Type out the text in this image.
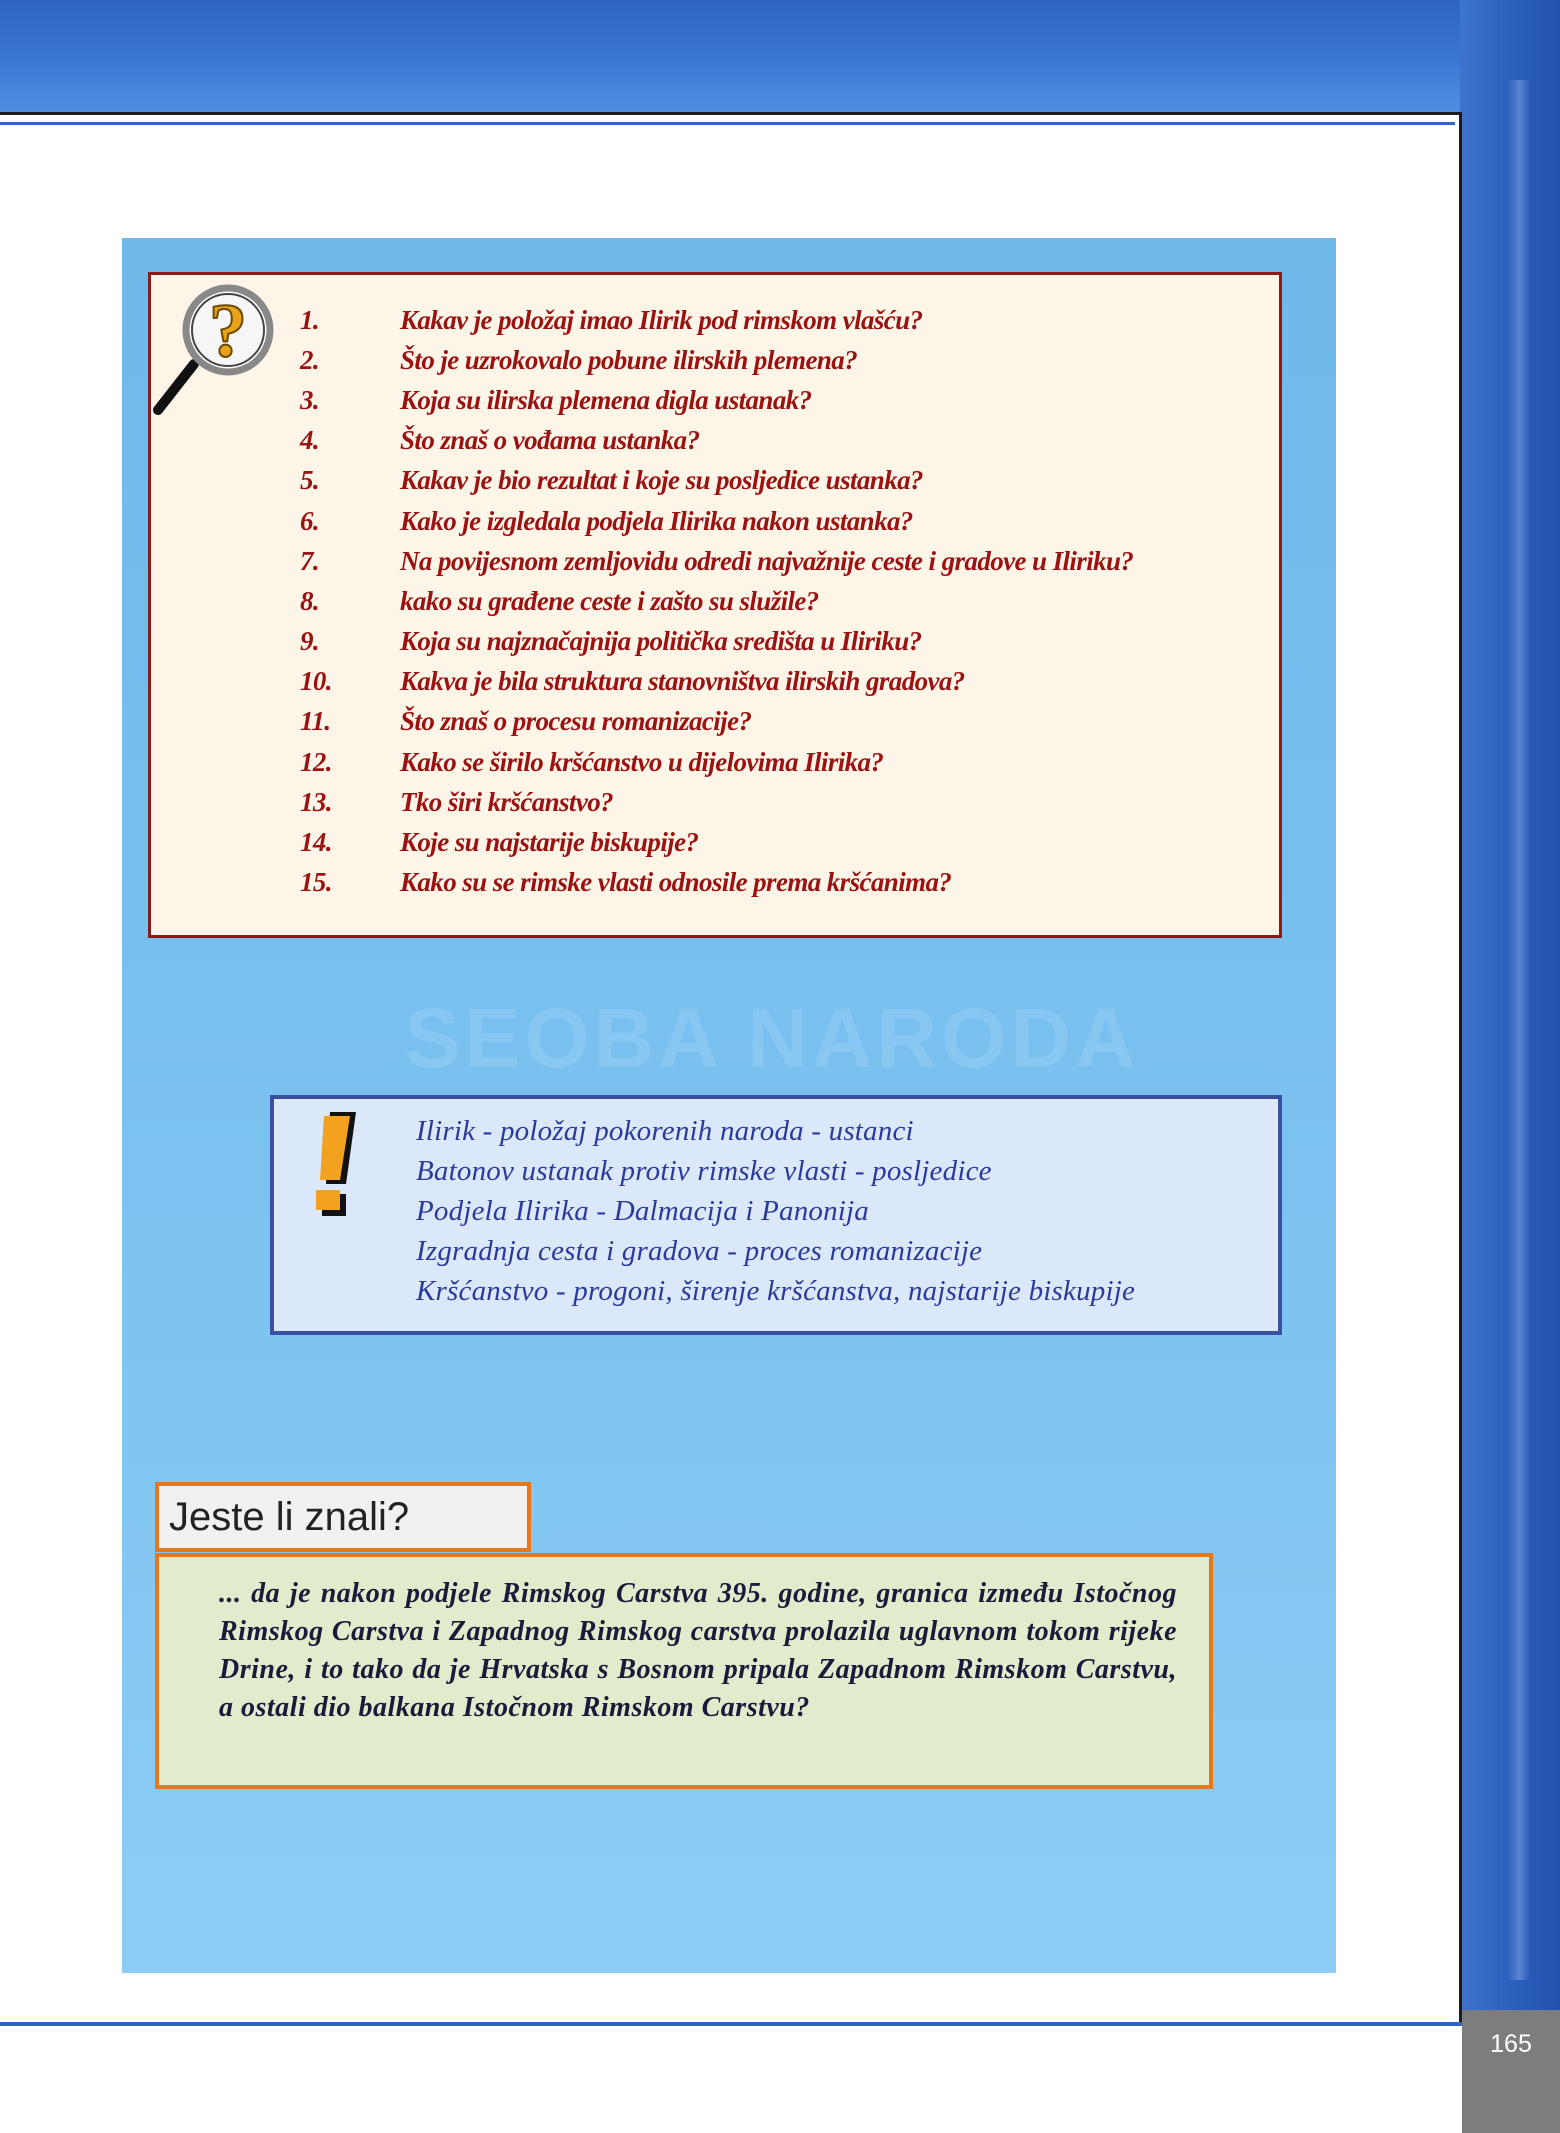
SEOBA NARODA
? 1.	Kakav je položaj imao Ilirik pod rimskom vlašću?
2.	Što je uzrokovalo pobune ilirskih plemena?
3.	Koja su ilirska plemena digla ustanak?
4.	Što znaš o vođama ustanka?
5.	Kakav je bio rezultat i koje su posljedice ustanka?
6.	Kako je izgledala podjela Ilirika nakon ustanka?
7.	Na povijesnom zemljovidu odredi najvažnije ceste i gradove u Iliriku?
8.	kako su građene ceste i zašto su služile?
9.	Koja su najznačajnija politička središta u Iliriku?
10.	Kakva je bila struktura stanovništva ilirskih gradova?
11.	Što znaš o procesu romanizacije?
12.	Kako se širilo kršćanstvo u dijelovima Ilirika?
13.	Tko širi kršćanstvo?
14.	Koje su najstarije biskupije?
15.	Kako su se rimske vlasti odnosile prema kršćanima?
Ilirik - položaj pokorenih naroda - ustanci
Batonov ustanak protiv rimske vlasti - posljedice
Podjela Ilirika - Dalmacija i Panonija
Izgradnja cesta i gradova - proces romanizacije
Kršćanstvo - progoni, širenje kršćanstva, najstarije biskupije
Jeste li znali?

... da je nakon podjele Rimskog Carstva 395. godine, granica između Istočnog Rimskog Carstva i Zapadnog Rimskog carstva prolazila uglavnom tokom rijeke Drine, i to tako da je Hrvatska s Bosnom pripala Zapadnom Rimskom Carstvu, a ostali dio balkana Istočnom Rimskom Carstvu?

165
